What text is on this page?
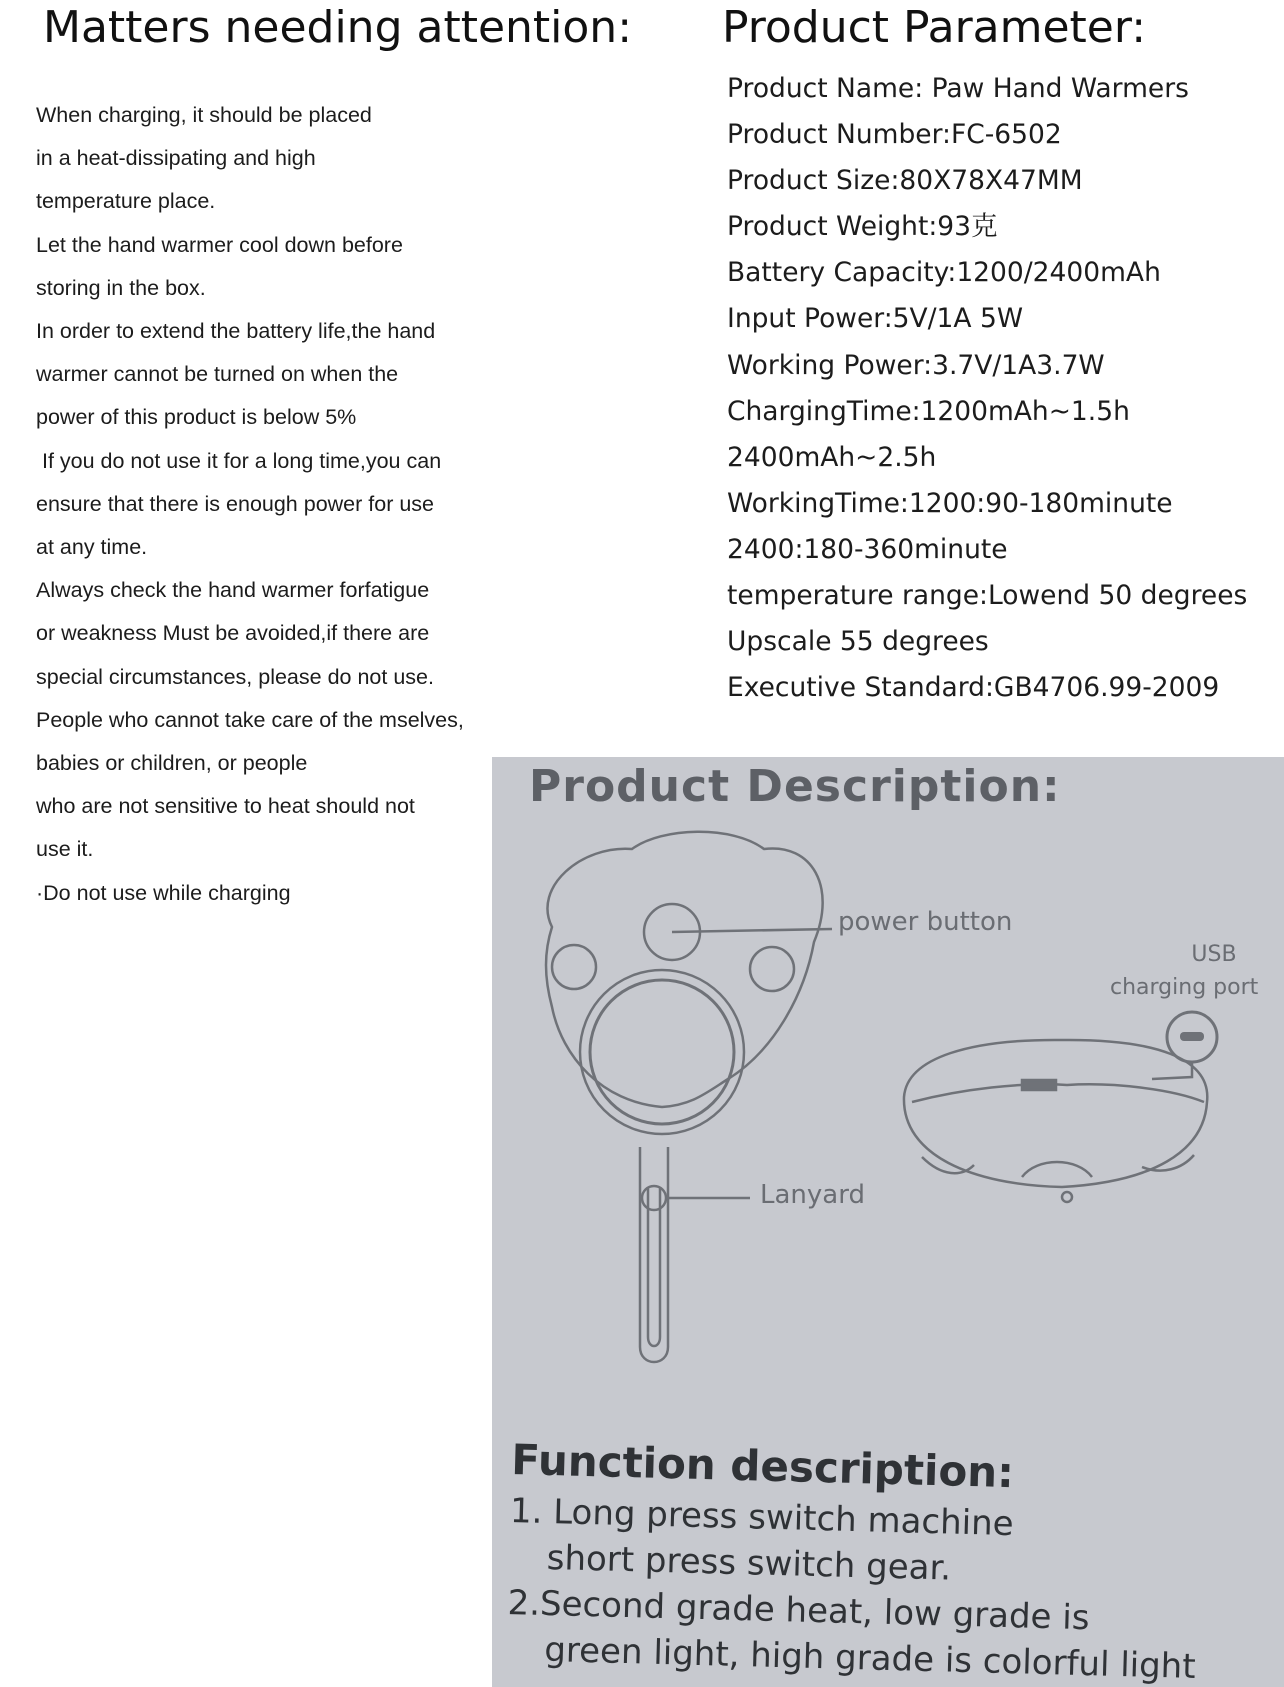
Matters needing attention: Product Parameter:
When charging, it should be placed
in a heat-dissipating and high
temperature place.
Let the hand warmer cool down before
storing in the box.
In order to extend the battery life,the hand
warmer cannot be turned on when the
power of this product is below 5%
If you do not use it for a long time,you can
ensure that there is enough power for use
at any time.
Always check the hand warmer forfatigue
or weakness Must be avoided,if there are
special circumstances, please do not use.
People who cannot take care of the mselves,
babies or children, or people
who are not sensitive to heat should not
use it.
·Do not use while charging
Product Name: Paw Hand Warmers
Product Number:FC-6502
Product Size:80X78X47MM
Product Weight:93克
Battery Capacity:1200/2400mAh
Input Power:5V/1A 5W
Working Power:3.7V/1A3.7W
ChargingTime:1200mAh~1.5h
2400mAh~2.5h
WorkingTime:1200:90-180minute
2400:180-360minute
temperature range:Lowend 50 degrees
Upscale 55 degrees
Executive Standard:GB4706.99-2009
Product Description:
power button
USB
charging port
Lanyard
Function description:
1. Long press switch machine
short press switch gear.
2.Second grade heat, low grade is
green light, high grade is colorful light
